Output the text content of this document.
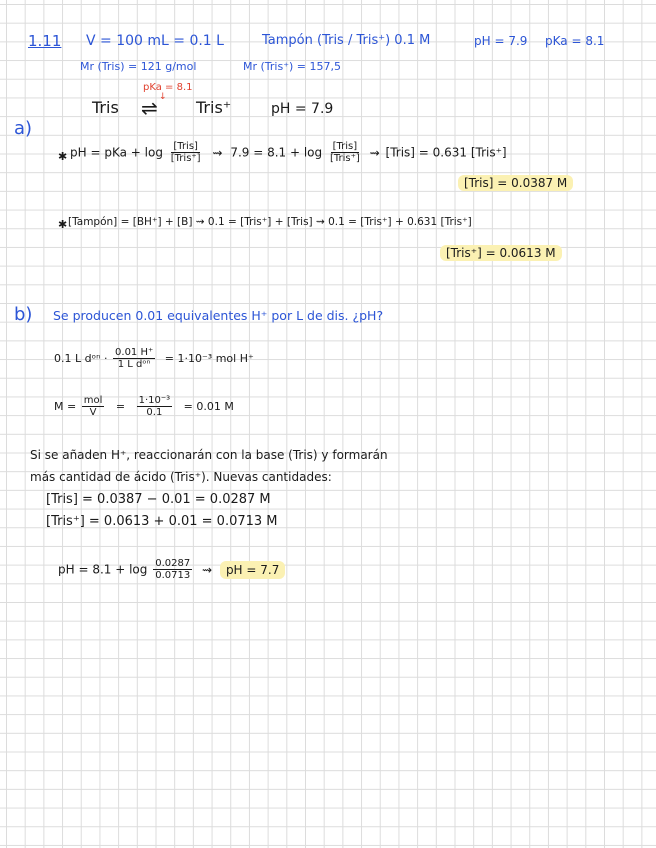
1.11 V = 100 mL = 0.1 L	Tampón (Tris / Tris⁺) 0.1 M	pH = 7.9 pKa = 8.1
Mr (Tris) = 121 g/mol	Mr (Tris⁺) = 157,5
pKa = 8.1
↓
Tris ⇌ Tris⁺	pH = 7.9
a)
✱ pH = pKa + $\log \frac{\text{[Tris]}}{\text{[Tris⁺]}}$ ⇝ $7.9 = 8.1 + \log \frac{\text{[Tris]}}{\text{[Tris⁺]}}$ ⇝ [Tris] = 0.631 [Tris⁺]
[Tris] = 0.0387 M
✱ [Tampón] = [BH⁺] + [B] ⇝ 0.1 = [Tris⁺] + [Tris] ⇝ 0.1 = [Tris⁺] + 0.631 [Tris⁺]
[Tris⁺] = 0.0613 M
b) Se producen 0.01 equivalentes H⁺ por L de dis. ¿pH?
0.1 L dᵒⁿ · $\frac{0.01 H^+}{\text{1 L dᵒⁿ}} = 1\cdot 10^{-3}$ mol H⁺
$M = \frac{\text{mol}}{V} = \frac{\text{1·10⁻³}}{0.1} = 0.01$ M
Si se añaden H⁺, reaccionarán con la base (Tris) y formarán
más cantidad de ácido (Tris⁺). Nuevas cantidades:
[Tris] = 0.0387 − 0.01 = 0.0287 M
[Tris⁺] = 0.0613 + 0.01 = 0.0713 M
pH = $8.1 + \log \frac{0.0287}{0.0713}$ ⇝ pH = 7.7
